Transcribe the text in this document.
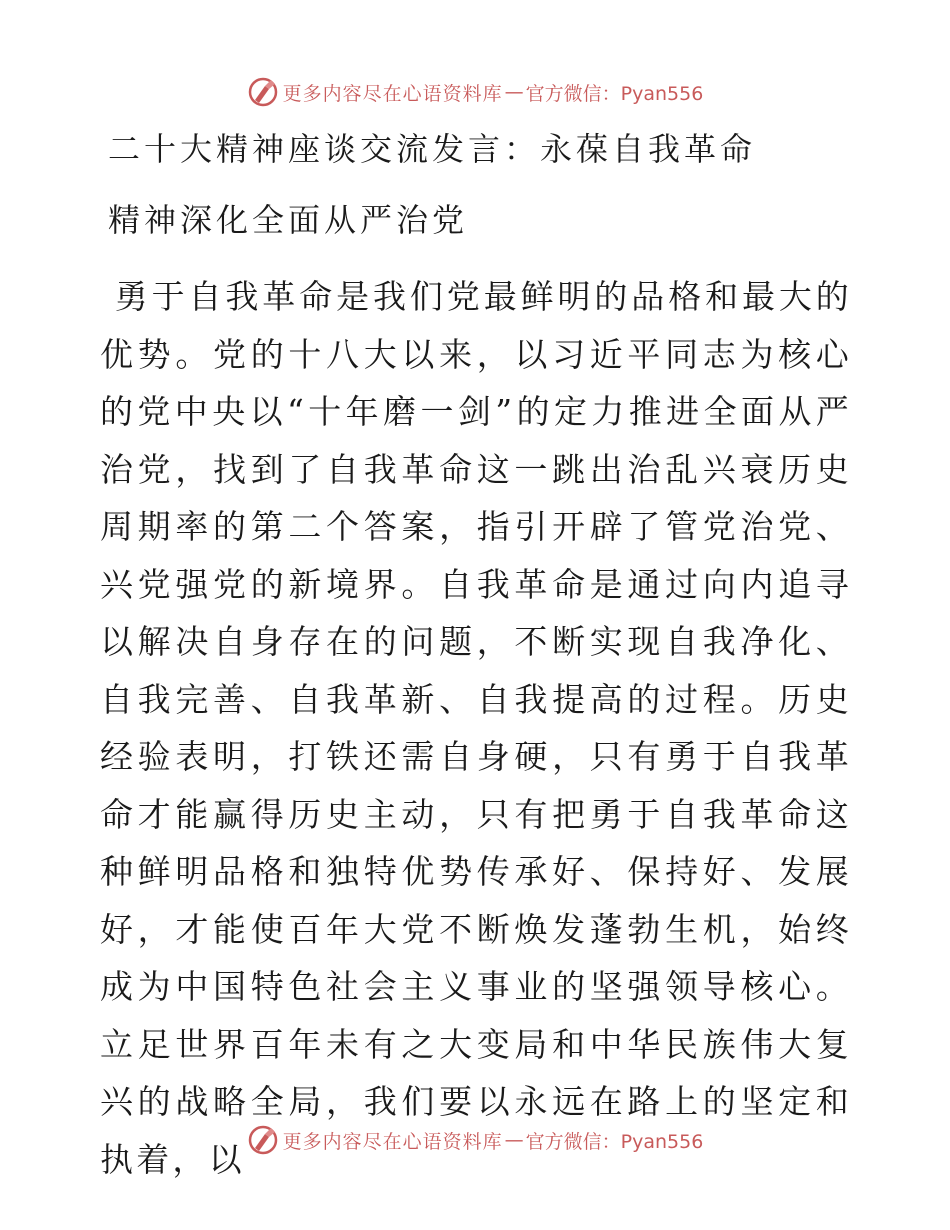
更多内容尽在心语资料库 — 官方微信：Pyan556
二十大精神座谈交流发言：永葆自我革命
精神深化全面从严治党

勇于自我革命是我们党最鲜明的品格和最大的优势。党的十八大以来，以习近平同志为核心的党中央以“十年磨一剑”的定力推进全面从严治党，找到了自我革命这一跳出治乱兴衰历史周期率的第二个答案，指引开辟了管党治党、兴党强党的新境界。自我革命是通过向内追寻以解决自身存在的问题，不断实现自我净化、自我完善、自我革新、自我提高的过程。历史经验表明，打铁还需自身硬，只有勇于自我革命才能赢得历史主动，只有把勇于自我革命这种鲜明品格和独特优势传承好、保持好、发展好，才能使百年大党不断焕发蓬勃生机，始终成为中国特色社会主义事业的坚强领导核心。立足世界百年未有之大变局和中华民族伟大复兴的战略全局，我们要以永远在路上的坚定和执着，以	更多内容尽在心语资料库 — 官方微信：Pyan556
